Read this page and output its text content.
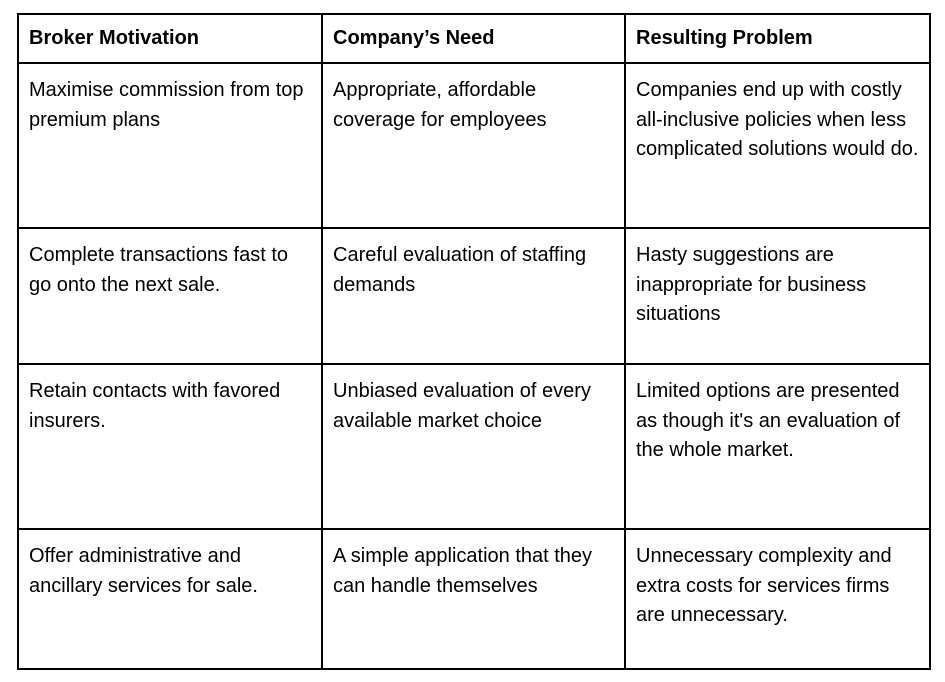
Broker Motivation	Company’s Need	Resulting Problem
Maximise commission from top premium plans	Appropriate, affordable coverage for employees	Companies end up with costly all-inclusive policies when less complicated solutions would do.
Complete transactions fast to go onto the next sale.	Careful evaluation of staffing demands	Hasty suggestions are inappropriate for business situations
Retain contacts with favored insurers.	Unbiased evaluation of every available market choice	Limited options are presented as though it's an evaluation of the whole market.
Offer administrative and ancillary services for sale.	A simple application that they can handle themselves	Unnecessary complexity and extra costs for services firms are unnecessary.
